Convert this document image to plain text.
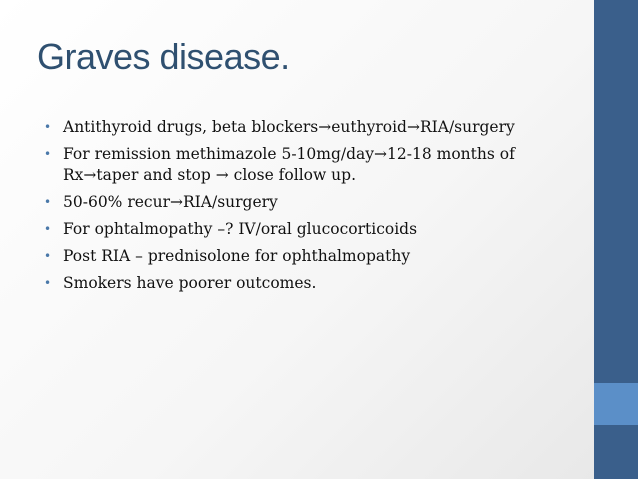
Graves disease.
• Antithyroid drugs, beta blockers→euthyroid→RIA/surgery
• For remission methimazole 5-10mg/day→12-18 months of Rx→taper and stop → close follow up.
• 50-60% recur→RIA/surgery
• For ophtalmopathy –? IV/oral glucocorticoids
• Post RIA – prednisolone for ophthalmopathy
• Smokers have poorer outcomes.
